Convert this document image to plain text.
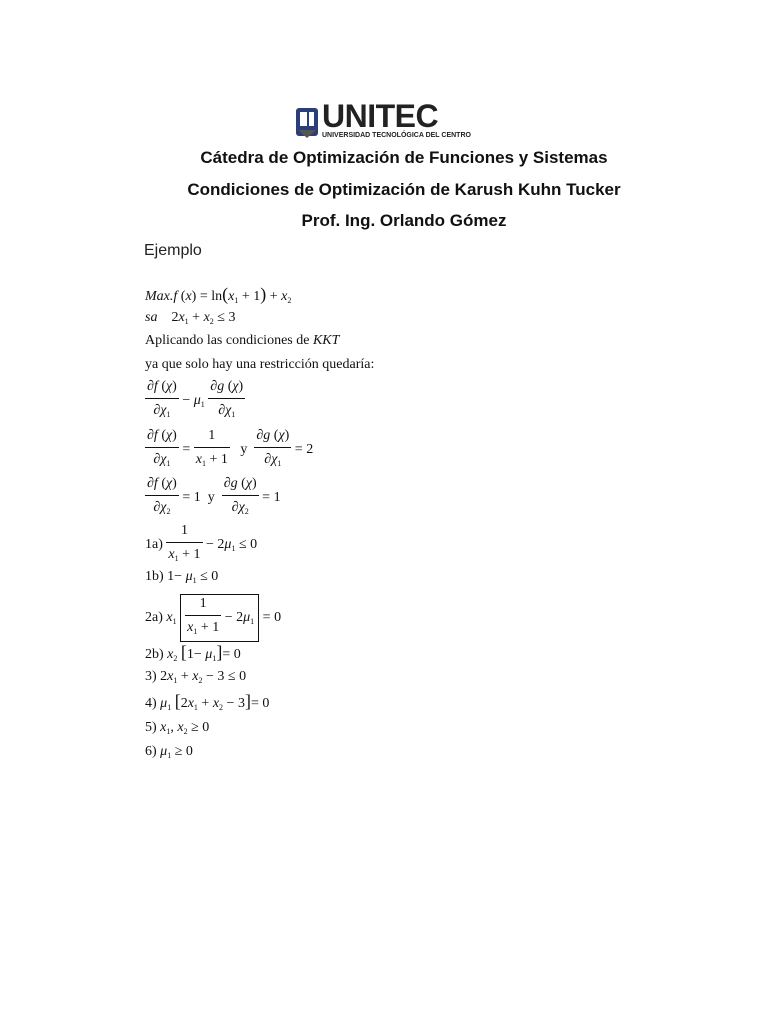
UNITEC
UNIVERSIDAD TECNOLÓGICA DEL CENTRO
Cátedra de Optimización de Funciones y Sistemas
Condiciones de Optimización de Karush Kuhn Tucker
Prof. Ing. Orlando Gómez
Ejemplo
Max.f $(x) = \ln(x_1 + 1) + x_2$
sa    $2x_1 + x_2 \le 3$
Aplicando las condiciones de KKT
ya que solo hay una restricción quedaría:
$\frac{\partial f (\chi)}{\partial\chi_1} - \mu_1 \frac{\partial g (\chi)}{\partial\chi_1}$
$\frac{\partial f (\chi)}{\partial\chi_1} = \frac{1}{x_1 + 1}$ y $\frac{\partial g (\chi)}{\partial\chi_1} = 2$
$\frac{\partial f (\chi)}{\partial\chi_2} = 1$  y $\frac{\partial g (\chi)}{\partial\chi_2} = 1$
$1a) \frac{1}{x_1 + 1} - 2\mu_1 \le 0$
1b) $1- \mu_1 \le 0$
2a) $x_1 \frac{1}{x_1 + 1} - 2\mu_1 = 0$
2b) $x_2$ $[1- \mu_1]= 0$
3) $2x_1 + x_2 - 3 \le 0$
4) $\mu_1$ $[2x_1 + x_2 - 3]= 0$
5) $x_1$, $x_2 \ge 0$
6) $\mu_1 \ge 0$
